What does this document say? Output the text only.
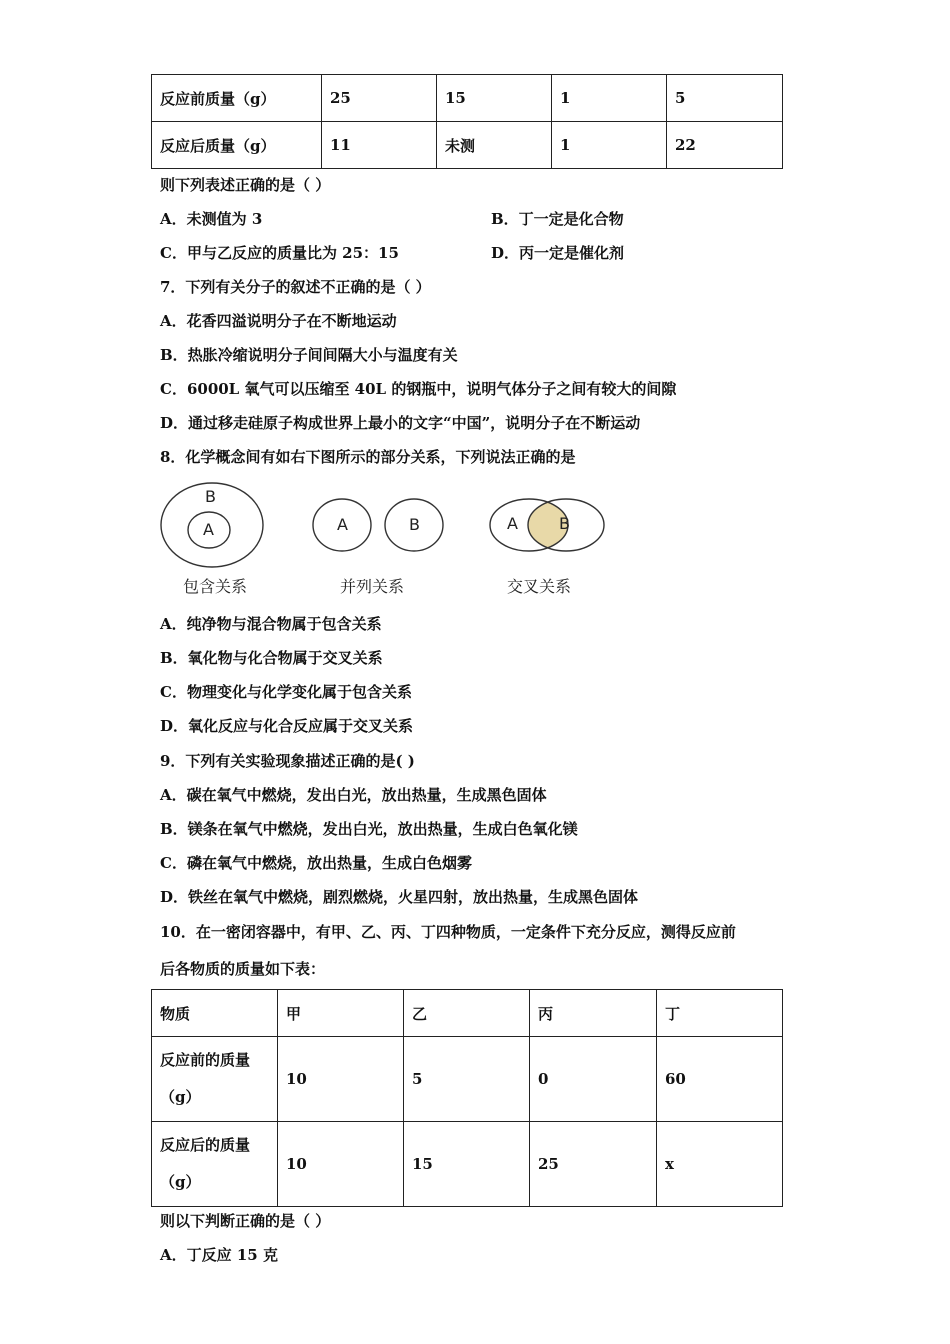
反应前质量（g）	25	15	1	5
反应后质量（g）	11	未测	1	22
则下列表述正确的是（ ）
A．未测值为 3	B．丁一定是化合物
C．甲与乙反应的质量比为 25：15	D．丙一定是催化剂
7．下列有关分子的叙述不正确的是（ ）
A．花香四溢说明分子在不断地运动
B．热胀冷缩说明分子间间隔大小与温度有关
C．6000L 氧气可以压缩至 40L 的钢瓶中，说明气体分子之间有较大的间隙
D．通过移走硅原子构成世界上最小的文字“中国”，说明分子在不断运动
8．化学概念间有如右下图所示的部分关系，下列说法正确的是
B
A
包含关系
A	B
并列关系
A	B
交叉关系
A．纯净物与混合物属于包含关系
B．氧化物与化合物属于交叉关系
C．物理变化与化学变化属于包含关系
D．氧化反应与化合反应属于交叉关系
9．下列有关实验现象描述正确的是( )
A．碳在氧气中燃烧，发出白光，放出热量，生成黑色固体
B．镁条在氧气中燃烧，发出白光，放出热量，生成白色氧化镁
C．磷在氧气中燃烧，放出热量，生成白色烟雾
D．铁丝在氧气中燃烧，剧烈燃烧，火星四射，放出热量，生成黑色固体
10．在一密闭容器中，有甲、乙、丙、丁四种物质，一定条件下充分反应，测得反应前
后各物质的质量如下表：
物质	甲	乙	丙	丁
反应前的质量（g）	10	5	0	60
反应后的质量（g）	10	15	25	x
则以下判断正确的是（ ）
A．丁反应 15 克
